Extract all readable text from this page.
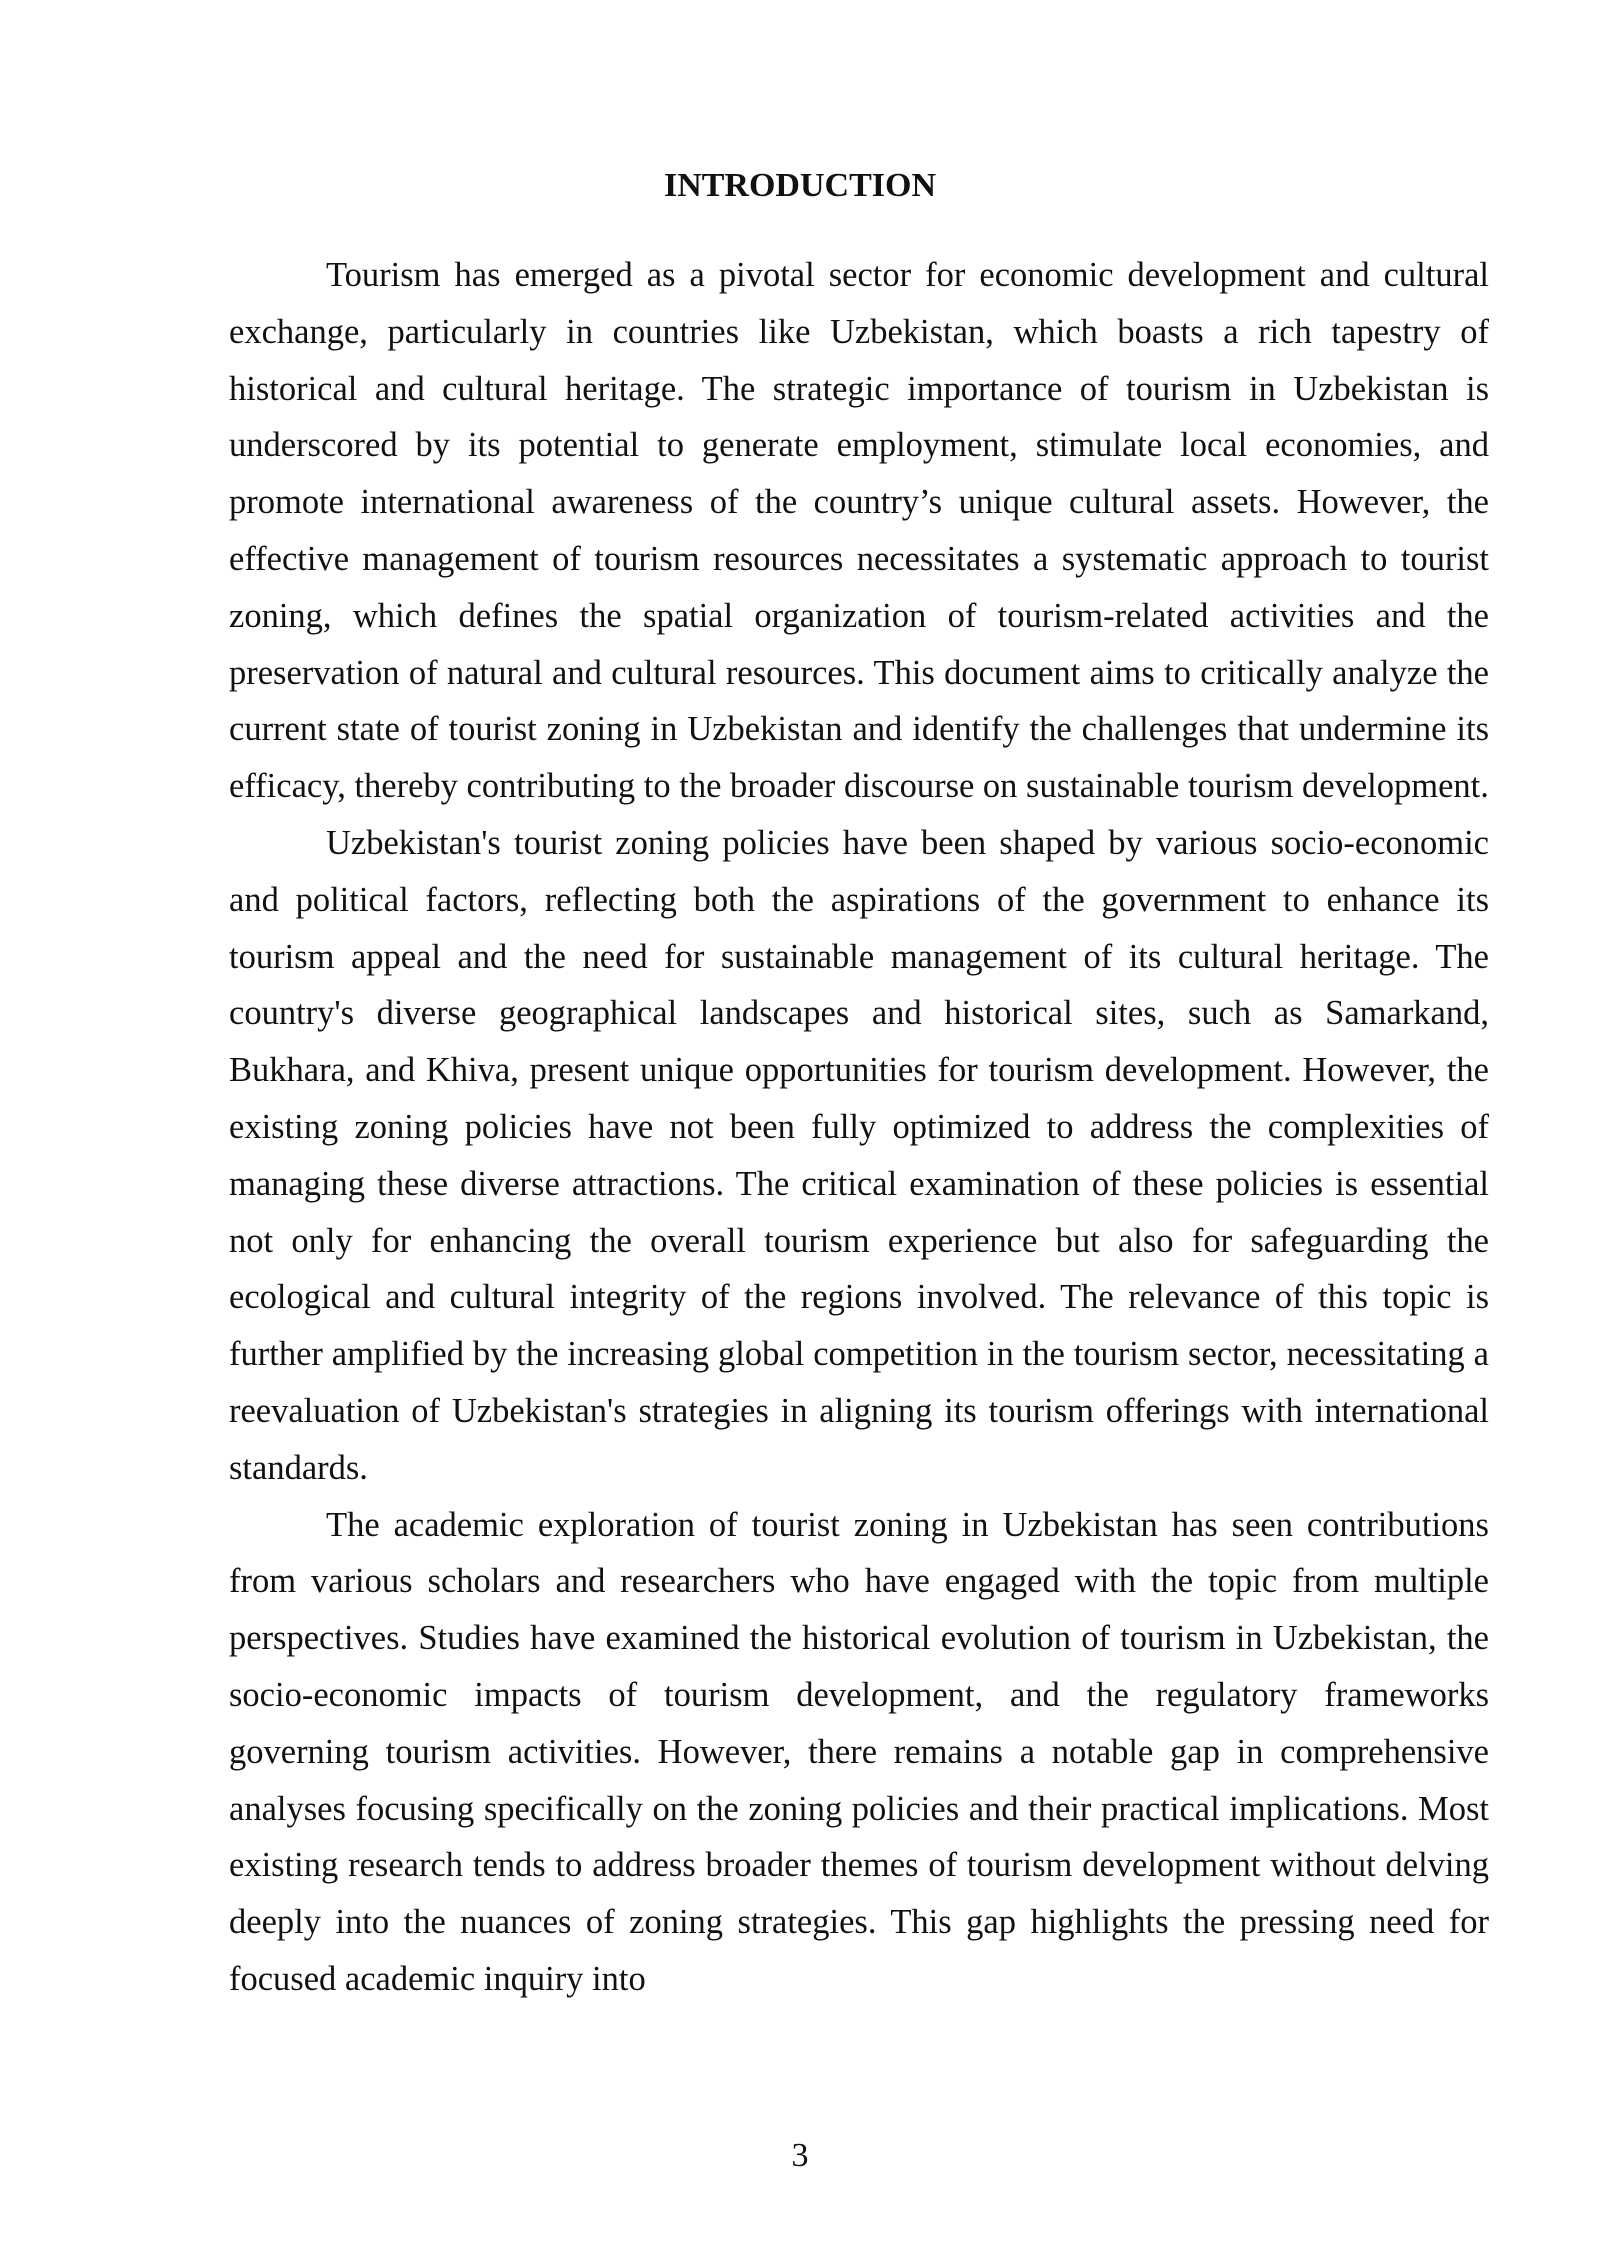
INTRODUCTION

Tourism has emerged as a pivotal sector for economic development and cultural exchange, particularly in countries like Uzbekistan, which boasts a rich tapestry of historical and cultural heritage. The strategic importance of tourism in Uzbekistan is underscored by its potential to generate employment, stimulate local economies, and promote international awareness of the country’s unique cultural assets. However, the effective management of tourism resources necessitates a systematic approach to tourist zoning, which defines the spatial organization of tourism-related activities and the preservation of natural and cultural resources. This document aims to critically analyze the current state of tourist zoning in Uzbekistan and identify the challenges that undermine its efficacy, thereby contributing to the broader discourse on sustainable tourism development.

Uzbekistan's tourist zoning policies have been shaped by various socio-economic and political factors, reflecting both the aspirations of the government to enhance its tourism appeal and the need for sustainable management of its cultural heritage. The country's diverse geographical landscapes and historical sites, such as Samarkand, Bukhara, and Khiva, present unique opportunities for tourism development. However, the existing zoning policies have not been fully optimized to address the complexities of managing these diverse attractions. The critical examination of these policies is essential not only for enhancing the overall tourism experience but also for safeguarding the ecological and cultural integrity of the regions involved. The relevance of this topic is further amplified by the increasing global competition in the tourism sector, necessitating a reevaluation of Uzbekistan's strategies in aligning its tourism offerings with international standards.

The academic exploration of tourist zoning in Uzbekistan has seen contributions from various scholars and researchers who have engaged with the topic from multiple perspectives. Studies have examined the historical evolution of tourism in Uzbekistan, the socio-economic impacts of tourism development, and the regulatory frameworks governing tourism activities. However, there remains a notable gap in comprehensive analyses focusing specifically on the zoning policies and their practical implications. Most existing research tends to address broader themes of tourism development without delving deeply into the nuances of zoning strategies. This gap highlights the pressing need for focused academic inquiry into

3
